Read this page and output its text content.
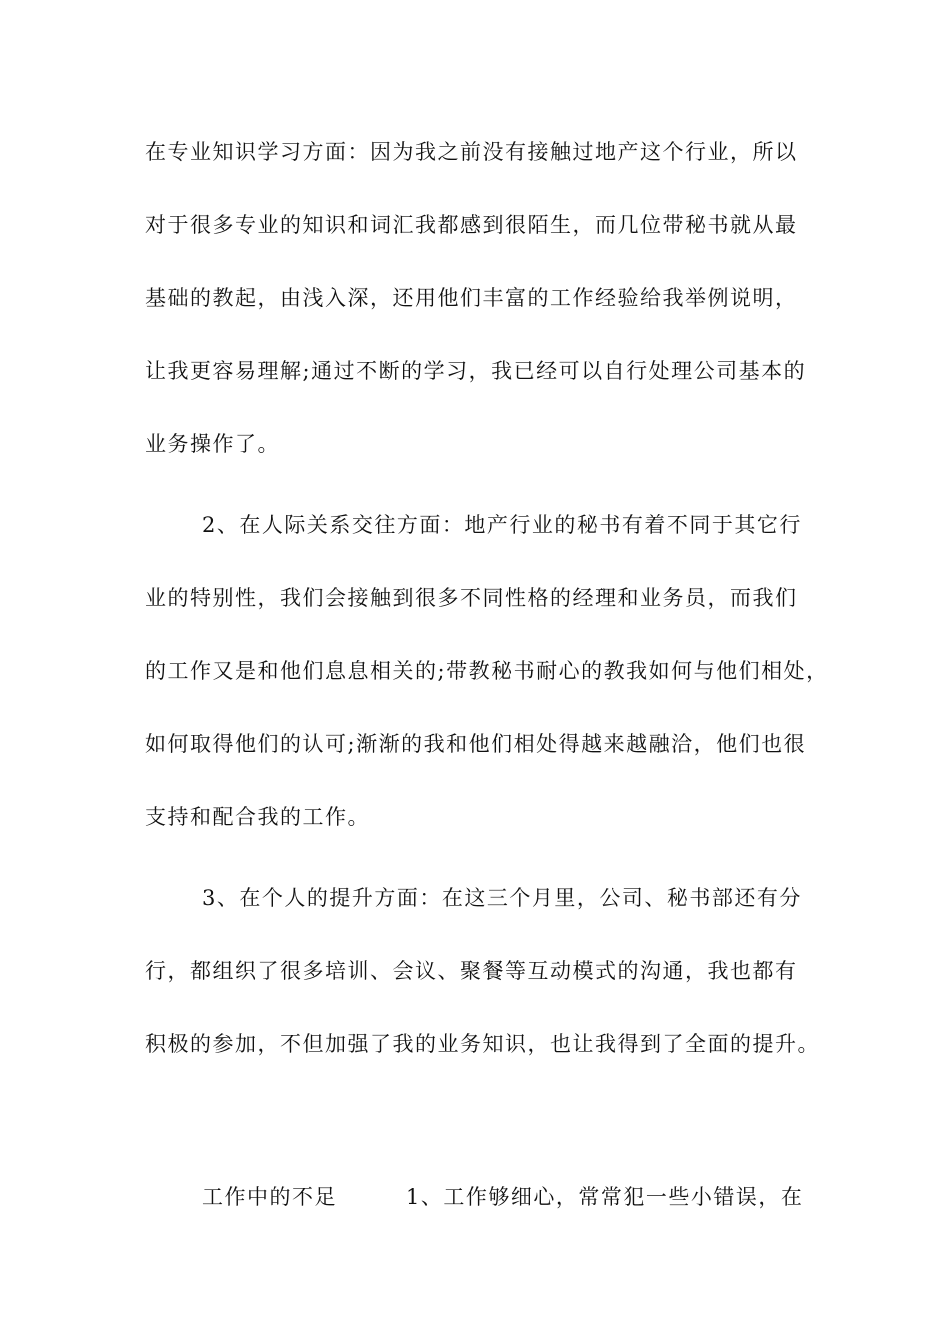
在专业知识学习方面：因为我之前没有接触过地产这个行业，所以
对于很多专业的知识和词汇我都感到很陌生，而几位带秘书就从最
基础的教起，由浅入深，还用他们丰富的工作经验给我举例说明，
让我更容易理解;通过不断的学习，我已经可以自行处理公司基本的
业务操作了。
2、在人际关系交往方面：地产行业的秘书有着不同于其它行
业的特别性，我们会接触到很多不同性格的经理和业务员，而我们
的工作又是和他们息息相关的;带教秘书耐心的教我如何与他们相处，
如何取得他们的认可;渐渐的我和他们相处得越来越融洽，他们也很
支持和配合我的工作。
3、在个人的提升方面：在这三个月里，公司、秘书部还有分
行，都组织了很多培训、会议、聚餐等互动模式的沟通，我也都有
积极的参加，不但加强了我的业务知识，也让我得到了全面的提升。
工作中的不足	1、工作够细心，常常犯一些小错误，在
